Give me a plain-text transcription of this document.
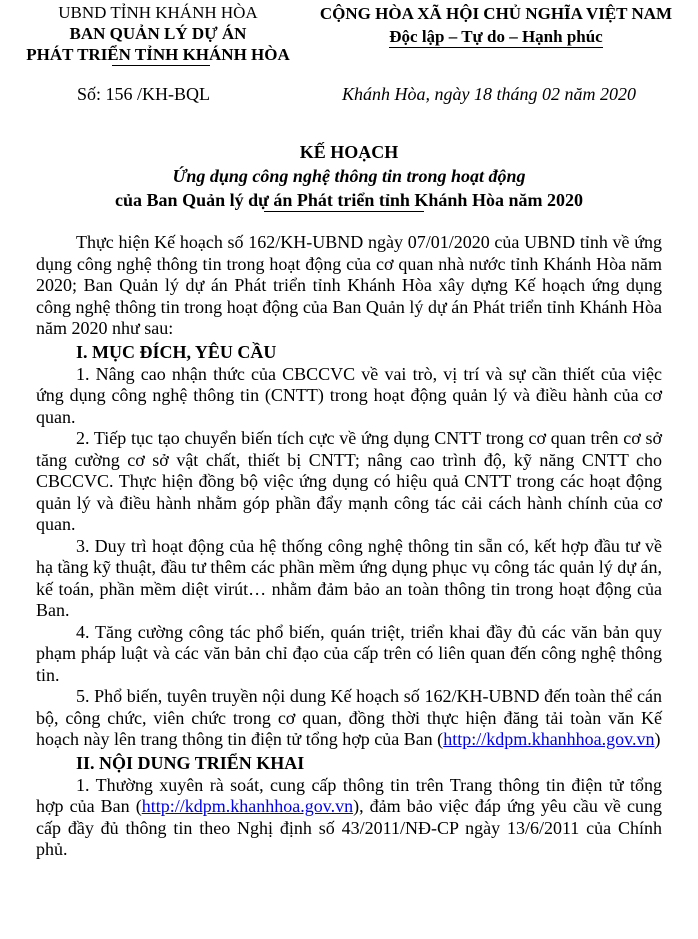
UBND TỈNH KHÁNH HÒA
BAN QUẢN LÝ DỰ ÁN
PHÁT TRIỂN TỈNH KHÁNH HÒA
CỘNG HÒA XÃ HỘI CHỦ NGHĨA VIỆT NAM
Độc lập – Tự do – Hạnh phúc
Số: 156 /KH-BQL	Khánh Hòa, ngày 18 tháng 02 năm 2020
KẾ HOẠCH
Ứng dụng công nghệ thông tin trong hoạt động
của Ban Quản lý dự án Phát triển tỉnh Khánh Hòa năm 2020

Thực hiện Kế hoạch số 162/KH-UBND ngày 07/01/2020 của UBND tỉnh về ứng dụng công nghệ thông tin trong hoạt động của cơ quan nhà nước tỉnh Khánh Hòa năm 2020; Ban Quản lý dự án Phát triển tỉnh Khánh Hòa xây dựng Kế hoạch ứng dụng công nghệ thông tin trong hoạt động của Ban Quản lý dự án Phát triển tỉnh Khánh Hòa năm 2020 như sau:

I. MỤC ĐÍCH, YÊU CẦU

1. Nâng cao nhận thức của CBCCVC về vai trò, vị trí và sự cần thiết của việc ứng dụng công nghệ thông tin (CNTT) trong hoạt động quản lý và điều hành của cơ quan.

2. Tiếp tục tạo chuyển biến tích cực về ứng dụng CNTT trong cơ quan trên cơ sở tăng cường cơ sở vật chất, thiết bị CNTT; nâng cao trình độ, kỹ năng CNTT cho CBCCVC. Thực hiện đồng bộ việc ứng dụng có hiệu quả CNTT trong các hoạt động quản lý và điều hành nhằm góp phần đẩy mạnh công tác cải cách hành chính của cơ quan.

3. Duy trì hoạt động của hệ thống công nghệ thông tin sẵn có, kết hợp đầu tư về hạ tầng kỹ thuật, đầu tư thêm các phần mềm ứng dụng phục vụ công tác quản lý dự án, kế toán, phần mềm diệt virút… nhằm đảm bảo an toàn thông tin trong hoạt động của Ban.

4. Tăng cường công tác phổ biến, quán triệt, triển khai đầy đủ các văn bản quy phạm pháp luật và các văn bản chỉ đạo của cấp trên có liên quan đến công nghệ thông tin.

5. Phổ biến, tuyên truyền nội dung Kế hoạch số 162/KH-UBND đến toàn thể cán bộ, công chức, viên chức trong cơ quan, đồng thời thực hiện đăng tải toàn văn Kế hoạch này lên trang thông tin điện tử tổng hợp của Ban (http://kdpm.khanhhoa.gov.vn)

II. NỘI DUNG TRIỂN KHAI

1. Thường xuyên rà soát, cung cấp thông tin trên Trang thông tin điện tử tổng hợp của Ban (http://kdpm.khanhhoa.gov.vn), đảm bảo việc đáp ứng yêu cầu về cung cấp đầy đủ thông tin theo Nghị định số 43/2011/NĐ-CP ngày 13/6/2011 của Chính phủ.
